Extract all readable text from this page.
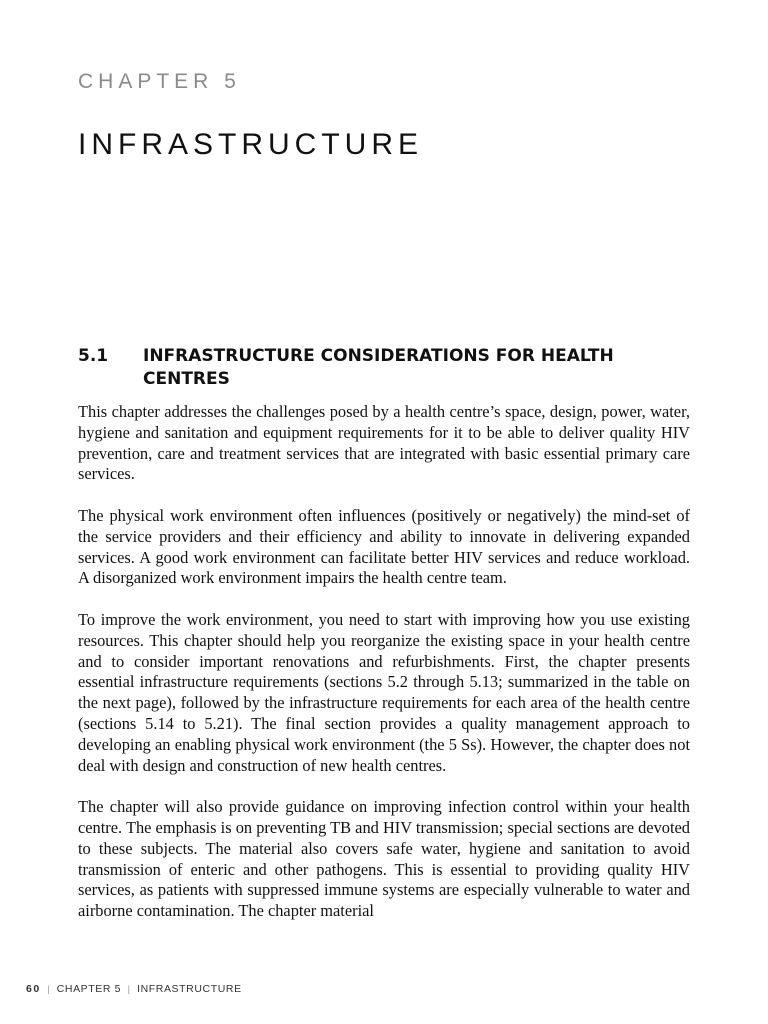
CHAPTER 5
INFRASTRUCTURE
5.1	INFRASTRUCTURE CONSIDERATIONS FOR HEALTH CENTRES

This chapter addresses the challenges posed by a health centre’s space, design, power, water, hygiene and sanitation and equipment requirements for it to be able to deliver quality HIV prevention, care and treatment services that are integrated with basic essential primary care services.

The physical work environment often influences (positively or negatively) the mind-set of the service providers and their efficiency and ability to innovate in delivering expanded services. A good work environment can facilitate better HIV services and reduce workload. A disorganized work environment impairs the health centre team.

To improve the work environment, you need to start with improving how you use existing resources. This chapter should help you reorganize the existing space in your health centre and to consider important renovations and refurbishments. First, the chapter presents essential infrastructure requirements (sections 5.2 through 5.13; summarized in the table on the next page), followed by the infrastructure requirements for each area of the health centre (sections 5.14 to 5.21). The final section provides a quality management approach to developing an enabling physical work environment (the 5 Ss). However, the chapter does not deal with design and construction of new health centres.

The chapter will also provide guidance on improving infection control within your health centre. The emphasis is on preventing TB and HIV transmission; special sections are devoted to these subjects. The material also covers safe water, hygiene and sanitation to avoid transmission of enteric and other pathogens. This is essential to providing quality HIV services, as patients with suppressed immune systems are especially vulnerable to water and airborne contamination. The chapter material

60 | CHAPTER 5 | INFRASTRUCTURE
